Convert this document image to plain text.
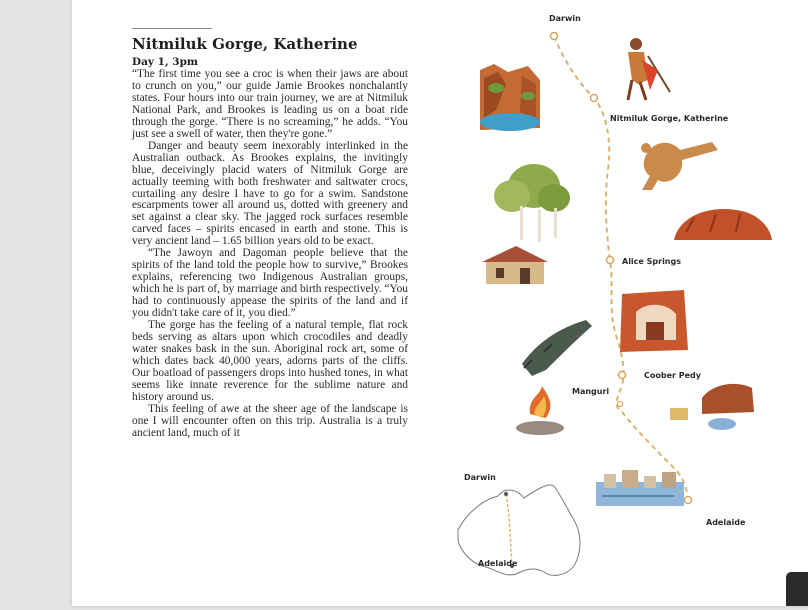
Nitmiluk Gorge, Katherine

Day 1, 3pm

“The first time you see a croc is when their jaws are about to crunch on you,” our guide Jamie Brookes nonchalantly states. Four hours into our train journey, we are at Nitmiluk National Park, and Brookes is leading us on a boat ride through the gorge. “There is no screaming,” he adds. “You just see a swell of water, then they're gone.”

Danger and beauty seem inexorably interlinked in the Australian outback. As Brookes explains, the invitingly blue, deceivingly placid waters of Nitmiluk Gorge are actually teeming with both freshwater and saltwater crocs, curtailing any desire I have to go for a swim. Sandstone escarpments tower all around us, dotted with greenery and set against a clear sky. The jagged rock surfaces resemble carved faces – spirits encased in earth and stone. This is very ancient land – 1.65 billion years old to be exact.

“The Jawoyn and Dagoman people believe that the spirits of the land told the people how to survive,” Brookes explains, referencing two Indigenous Australian groups, which he is part of, by marriage and birth respectively. “You had to continuously appease the spirits of the land and if you didn't take care of it, you died.”

The gorge has the feeling of a natural temple, flat rock beds serving as altars upon which crocodiles and deadly water snakes bask in the sun. Aboriginal rock art, some of which dates back 40,000 years, adorns parts of the cliffs. Our boatload of passengers drops into hushed tones, in what seems like innate reverence for the sublime nature and history around us.

This feeling of awe at the sheer age of the landscape is one I will encounter often on this trip. Australia is a truly ancient land, much of it

Darwin
Nitmiluk Gorge, Katherine
Alice Springs
Coober Pedy
Manguri
Adelaide
Darwin
Adelaide
